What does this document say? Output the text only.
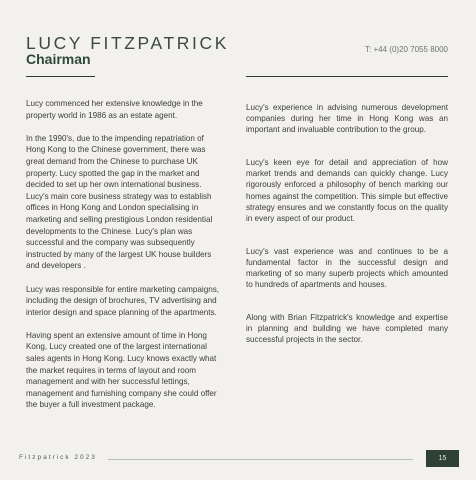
LUCY FITZPATRICK
Chairman
T: +44 (0)20 7055 8000

Lucy commenced her extensive knowledge in the property world in 1986 as an estate agent.

In the 1990's, due to the impending repatriation of Hong Kong to the Chinese government, there was great demand from the Chinese to purchase UK property. Lucy spotted the gap in the market and decided to set up her own international business. Lucy's main core business strategy was to establish offices in Hong Kong and London specialising in marketing and selling prestigious London residential developments to the Chinese. Lucy's plan was successful and the company was subsequently instructed by many of the largest UK house builders and developers .

Lucy was responsible for entire marketing campaigns, including the design of brochures, TV advertising and interior design and space planning of the apartments.

Having spent an extensive amount of time in Hong Kong, Lucy created one of the largest international sales agents in Hong Kong. Lucy knows exactly what the market requires in terms of layout and room management and with her successful lettings, management and furnishing company she could offer the buyer a full investment package.

Lucy's experience in advising numerous development companies during her time in Hong Kong was an important and invaluable contribution to the group.

Lucy's keen eye for detail and appreciation of how market trends and demands can quickly change. Lucy rigorously enforced a philosophy of bench marking our homes against the competition. This simple but effective strategy ensures and we constantly focus on the quality in every aspect of our product.

Lucy's vast experience was and continues to be a fundamental factor in the successful design and marketing of so many superb projects which amounted to hundreds of apartments and houses.

Along with Brian Fitzpatrick's knowledge and expertise in planning and building we have completed many successful projects in the sector.

Fitzpatrick 2023	15
